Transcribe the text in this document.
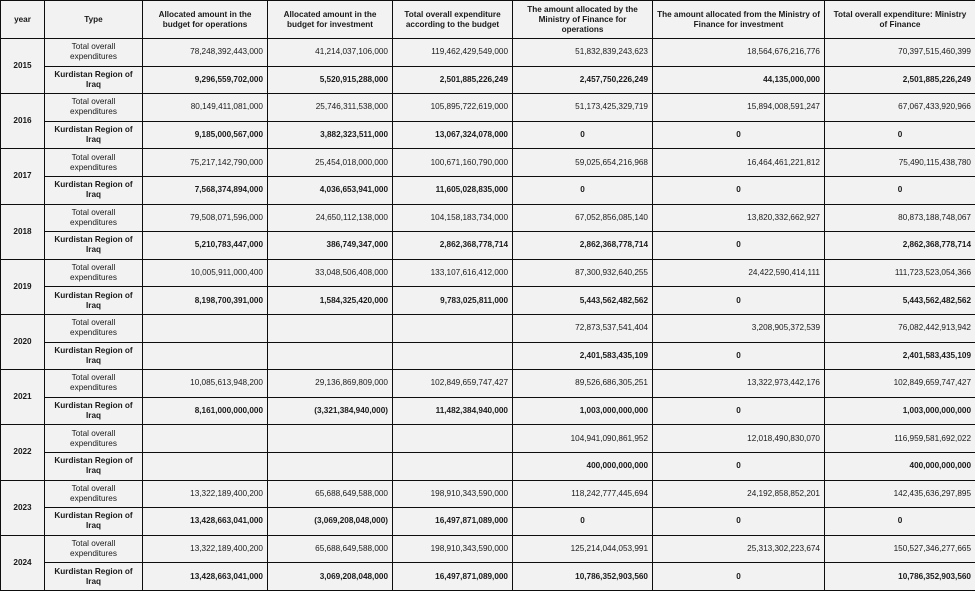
year	Type	Allocated amount in the budget for operations	Allocated amount in the budget for investment	Total overall expenditure according to the budget	The amount allocated by the Ministry of Finance for operations	The amount allocated from the Ministry of Finance for investment	Total overall expenditure: Ministry of Finance
2015	Total overall expenditures	78,248,392,443,000	41,214,037,106,000	119,462,429,549,000	51,832,839,243,623	18,564,676,216,776	70,397,515,460,399
	Kurdistan Region of Iraq	9,296,559,702,000	5,520,915,288,000	2,501,885,226,249	2,457,750,226,249	44,135,000,000	2,501,885,226,249
2016	Total overall expenditures	80,149,411,081,000	25,746,311,538,000	105,895,722,619,000	51,173,425,329,719	15,894,008,591,247	67,067,433,920,966
	Kurdistan Region of Iraq	9,185,000,567,000	3,882,323,511,000	13,067,324,078,000	0	0	0
2017	Total overall expenditures	75,217,142,790,000	25,454,018,000,000	100,671,160,790,000	59,025,654,216,968	16,464,461,221,812	75,490,115,438,780
	Kurdistan Region of Iraq	7,568,374,894,000	4,036,653,941,000	11,605,028,835,000	0	0	0
2018	Total overall expenditures	79,508,071,596,000	24,650,112,138,000	104,158,183,734,000	67,052,856,085,140	13,820,332,662,927	80,873,188,748,067
	Kurdistan Region of Iraq	5,210,783,447,000	386,749,347,000	2,862,368,778,714	2,862,368,778,714	0	2,862,368,778,714
2019	Total overall expenditures	10,005,911,000,400	33,048,506,408,000	133,107,616,412,000	87,300,932,640,255	24,422,590,414,111	111,723,523,054,366
	Kurdistan Region of Iraq	8,198,700,391,000	1,584,325,420,000	9,783,025,811,000	5,443,562,482,562	0	5,443,562,482,562
2020	Total overall expenditures				72,873,537,541,404	3,208,905,372,539	76,082,442,913,942
	Kurdistan Region of Iraq				2,401,583,435,109	0	2,401,583,435,109
2021	Total overall expenditures	10,085,613,948,200	29,136,869,809,000	102,849,659,747,427	89,526,686,305,251	13,322,973,442,176	102,849,659,747,427
	Kurdistan Region of Iraq	8,161,000,000,000	(3,321,384,940,000)	11,482,384,940,000	1,003,000,000,000	0	1,003,000,000,000
2022	Total overall expenditures				104,941,090,861,952	12,018,490,830,070	116,959,581,692,022
	Kurdistan Region of Iraq				400,000,000,000	0	400,000,000,000
2023	Total overall expenditures	13,322,189,400,200	65,688,649,588,000	198,910,343,590,000	118,242,777,445,694	24,192,858,852,201	142,435,636,297,895
	Kurdistan Region of Iraq	13,428,663,041,000	(3,069,208,048,000)	16,497,871,089,000	0	0	0
2024	Total overall expenditures	13,322,189,400,200	65,688,649,588,000	198,910,343,590,000	125,214,044,053,991	25,313,302,223,674	150,527,346,277,665
	Kurdistan Region of Iraq	13,428,663,041,000	3,069,208,048,000	16,497,871,089,000	10,786,352,903,560	0	10,786,352,903,560
